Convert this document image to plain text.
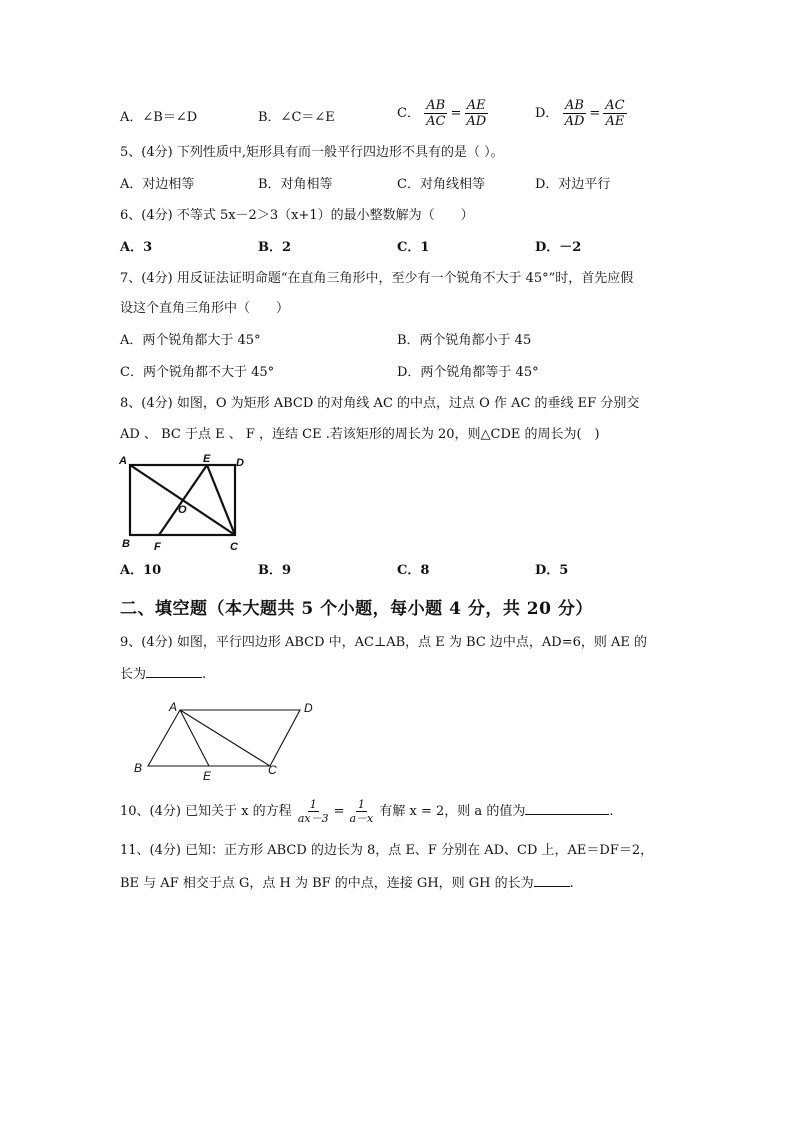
A．∠B＝∠D	B．∠C＝∠E	C． $\frac{AB}{AC} = \frac{AE}{AD}$	D． $\frac{AB}{AD} = \frac{AC}{AE}$
5、(4分) 下列性质中,矩形具有而一般平行四边形不具有的是（ ）。
A．对边相等	B．对角相等	C．对角线相等	D．对边平行
6、(4分) 不等式 5x－2＞3（x+1）的最小整数解为（　　）
A．3	B．2	C．1	D．－2
7、(4分) 用反证法证明命题“在直角三角形中，至少有一个锐角不大于 45°”时，首先应假
设这个直角三角形中（　　）
A．两个锐角都大于 45°	B．两个锐角都小于 45
C．两个锐角都不大于 45°	D．两个锐角都等于 45°
8、(4分) 如图，O 为矩形 ABCD 的对角线 AC 的中点，过点 O 作 AC 的垂线 EF 分别交
AD 、 BC 于点 E 、 F ，连结 CE .若该矩形的周长为 20，则△CDE 的周长为(　)
A	E D
O
B F	C
A．10	B．9	C．8	D．5
二、填空题（本大题共 5 个小题，每小题 4 分，共 20 分）
9、(4分) 如图，平行四边形 ABCD 中，AC⊥AB，点 E 为 BC 边中点，AD=6，则 AE 的
长为	.
A	D
B
E	C
10、(4分) 已知关于 x 的方程 $\frac{1}{ax-3} = \frac{1}{a-x}$ 有解 x = 2，则 a 的值为	.
11、(4分) 已知：正方形 ABCD 的边长为 8，点 E、F 分别在 AD、CD 上，AE＝DF＝2，
BE 与 AF 相交于点 G，点 H 为 BF 的中点，连接 GH，则 GH 的长为	.
